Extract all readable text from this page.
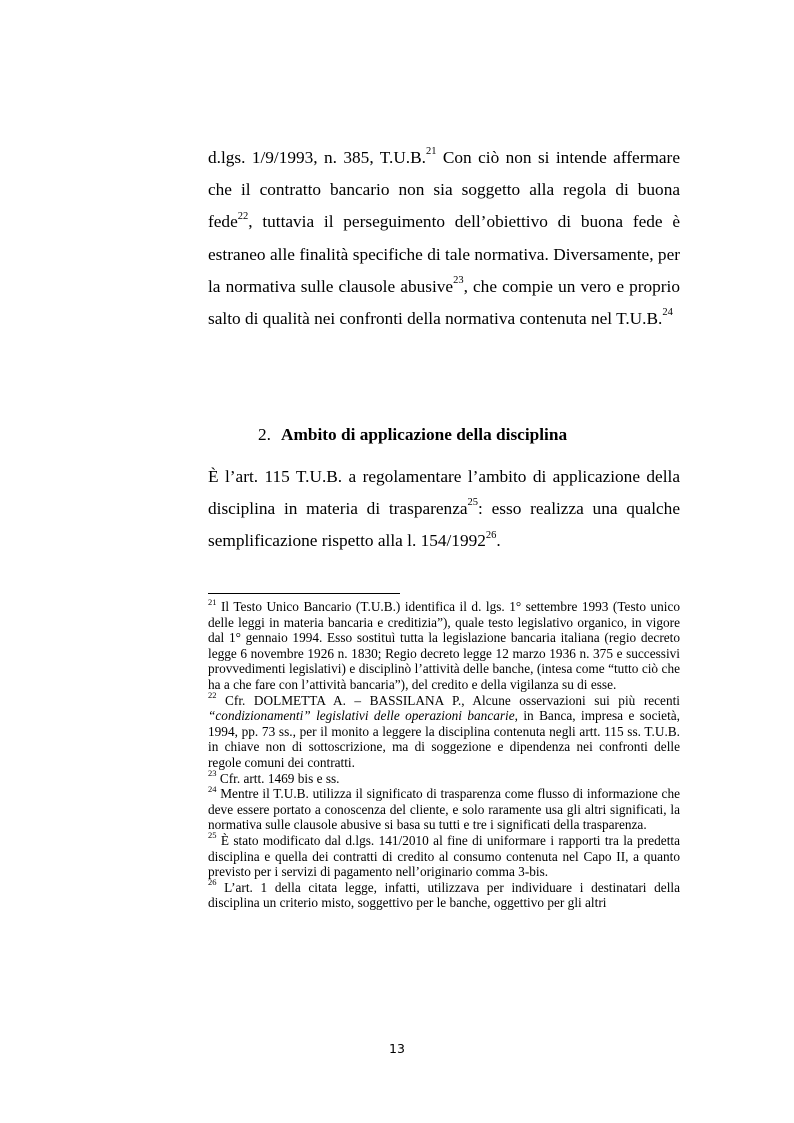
d.lgs. 1/9/1993, n. 385, T.U.B.$^{21}$ Con ciò non si intende affermare che il contratto bancario non sia soggetto alla regola di buona fede$^{22}$, tuttavia il perseguimento dell’obiettivo di buona fede è estraneo alle finalità specifiche di tale normativa. Diversamente, per la normativa sulle clausole abusive$^{23}$, che compie un vero e proprio salto di qualità nei confronti della normativa contenuta nel T.U.B.$^{24}$

2. Ambito di applicazione della disciplina

È l’art. 115 T.U.B. a regolamentare l’ambito di applicazione della disciplina in materia di trasparenza$^{25}$: esso realizza una qualche semplificazione rispetto alla l. 154/1992$^{26}$.

$^{21}$ Il Testo Unico Bancario (T.U.B.) identifica il d. lgs. 1° settembre 1993 (Testo unico delle leggi in materia bancaria e creditizia”), quale testo legislativo organico, in vigore dal 1° gennaio 1994. Esso sostituì tutta la legislazione bancaria italiana (regio decreto legge 6 novembre 1926 n. 1830; Regio decreto legge 12 marzo 1936 n. 375 e successivi provvedimenti legislativi) e disciplinò l’attività delle banche, (intesa come “tutto ciò che ha a che fare con l’attività bancaria”), del credito e della vigilanza su di esse.

$^{22}$ Cfr. DOLMETTA A. – BASSILANA P., Alcune osservazioni sui più recenti “condizionamenti” legislativi delle operazioni bancarie, in Banca, impresa e società, 1994, pp. 73 ss., per il monito a leggere la disciplina contenuta negli artt. 115 ss. T.U.B. in chiave non di sottoscrizione, ma di soggezione e dipendenza nei confronti delle regole comuni dei contratti.

$^{23}$ Cfr. artt. 1469 bis e ss.

$^{24}$ Mentre il T.U.B. utilizza il significato di trasparenza come flusso di informazione che deve essere portato a conoscenza del cliente, e solo raramente usa gli altri significati, la normativa sulle clausole abusive si basa su tutti e tre i significati della trasparenza.

$^{25}$ È stato modificato dal d.lgs. 141/2010 al fine di uniformare i rapporti tra la predetta disciplina e quella dei contratti di credito al consumo contenuta nel Capo II, a quanto previsto per i servizi di pagamento nell’originario comma 3-bis.

$^{26}$ L’art. 1 della citata legge, infatti, utilizzava per individuare i destinatari della disciplina un criterio misto, soggettivo per le banche, oggettivo per gli altri

13
